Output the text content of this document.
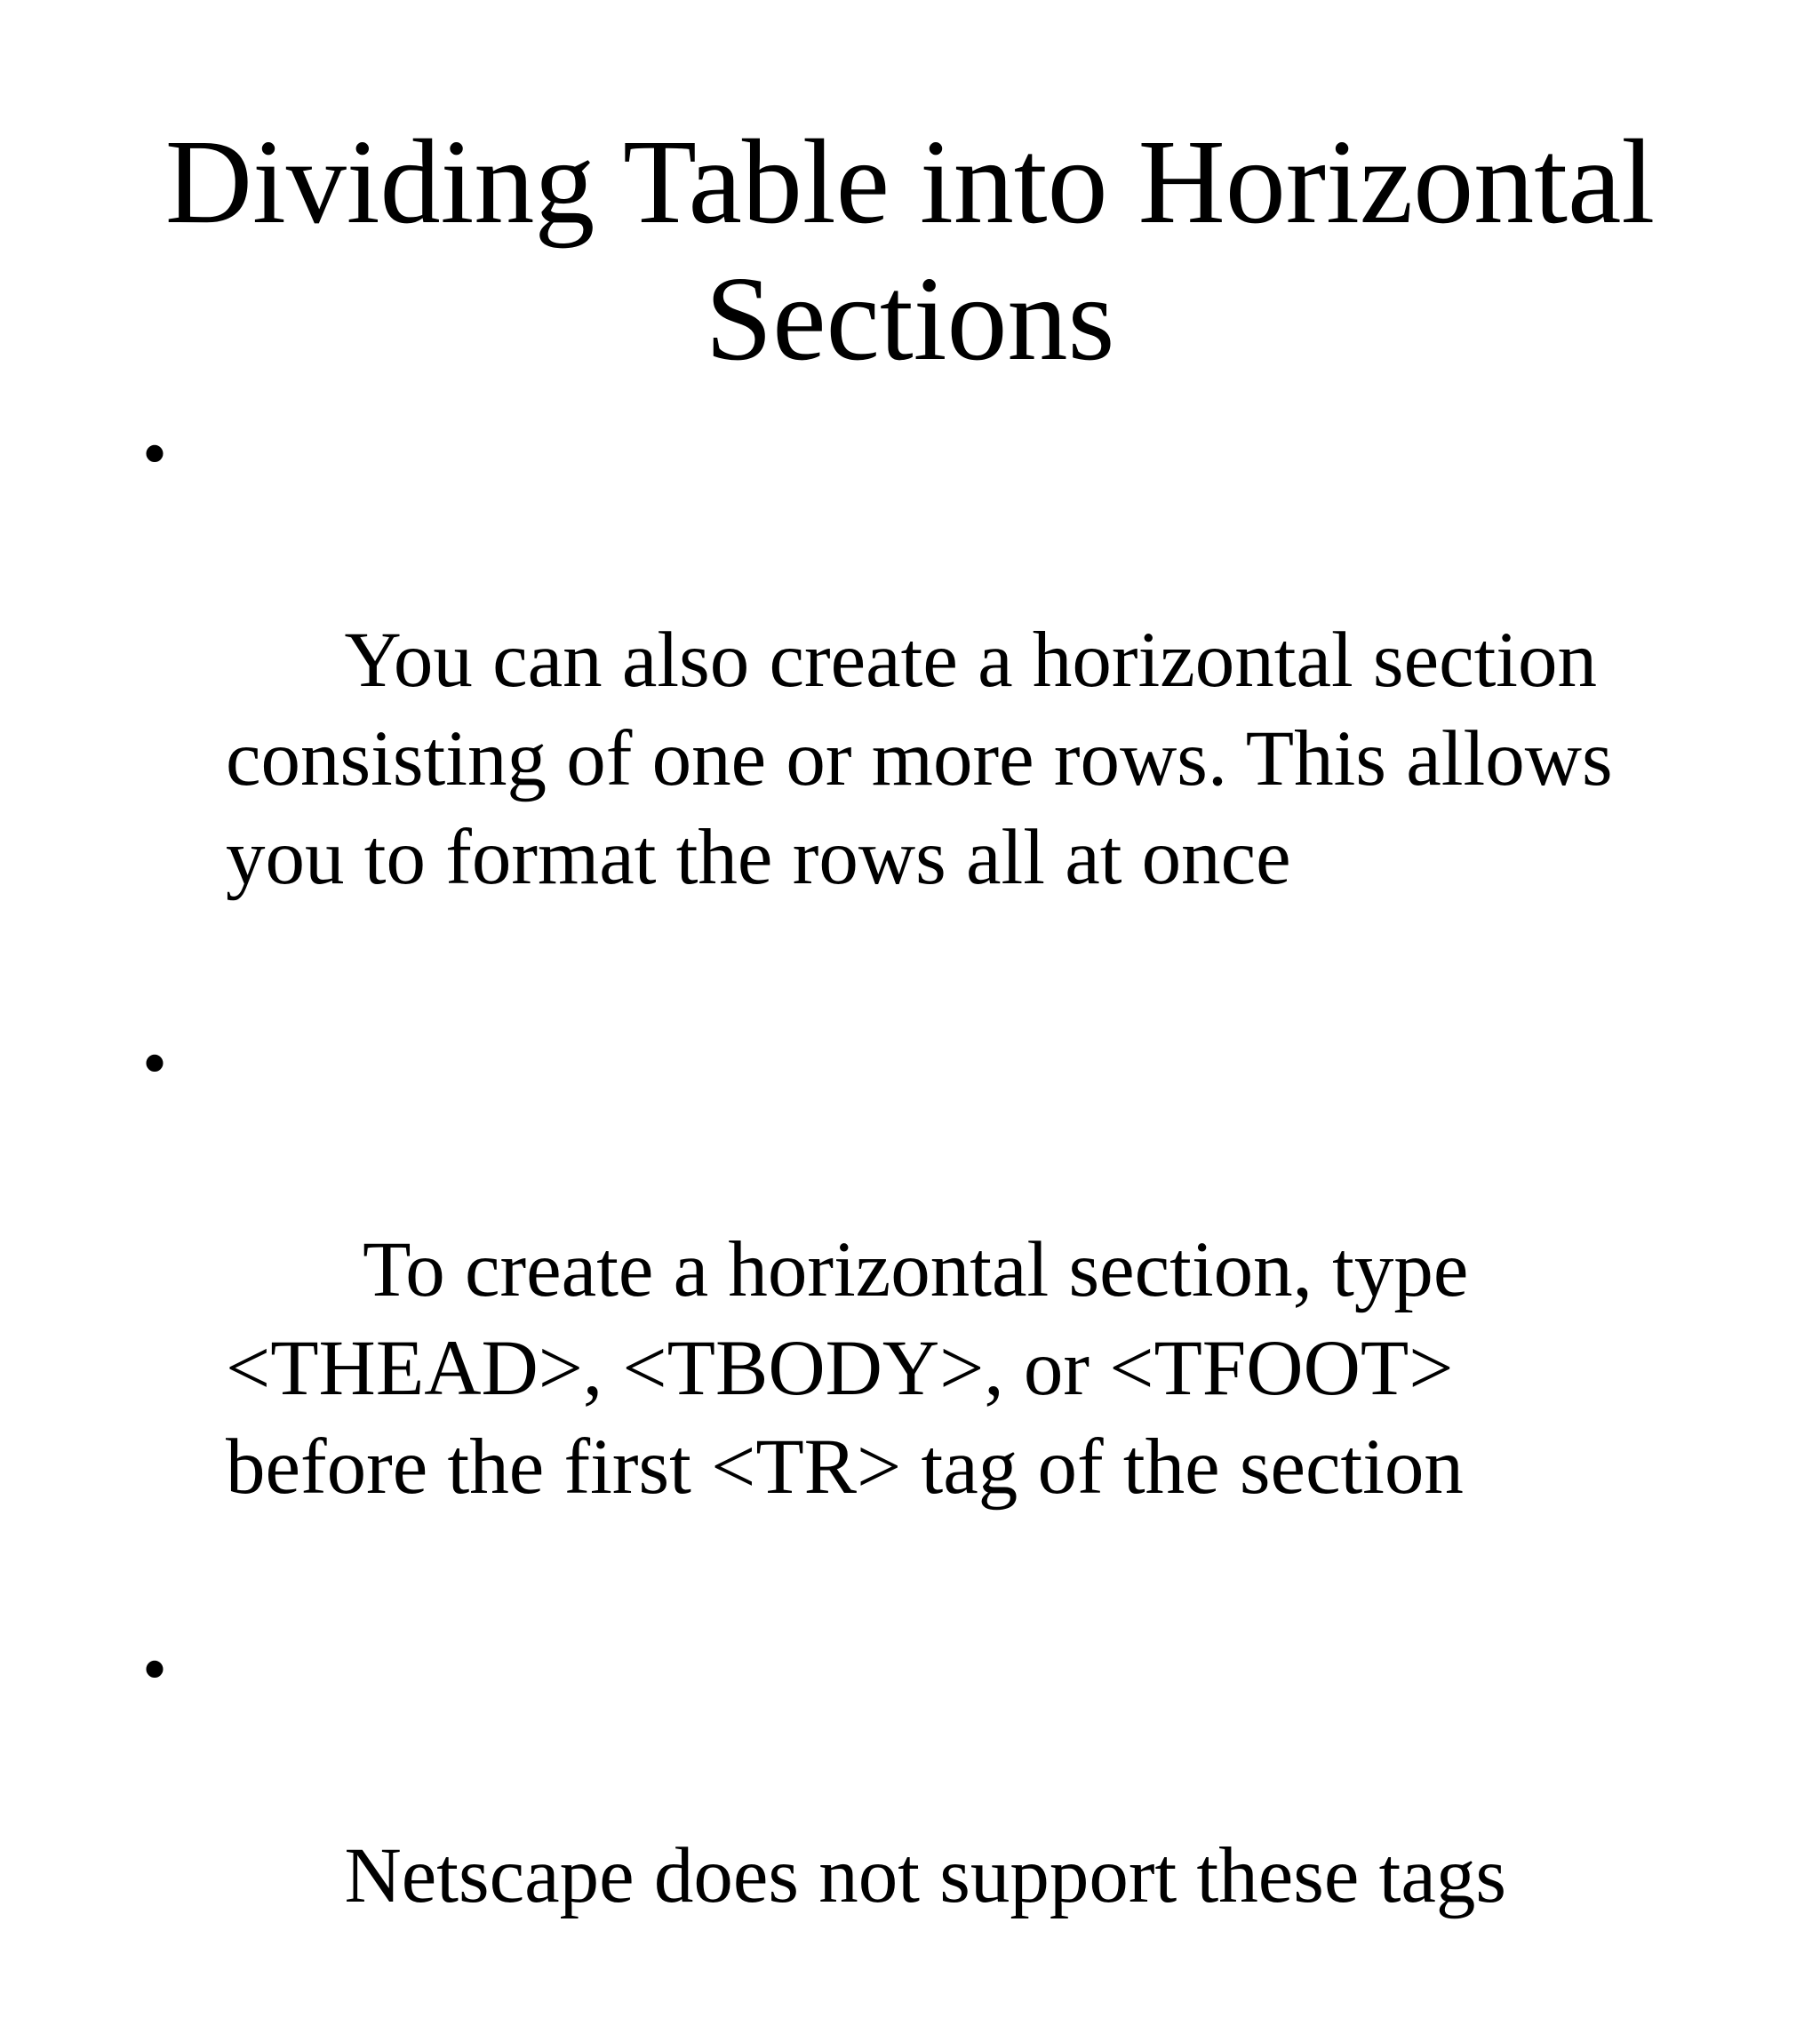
Dividing Table into Horizontal
Sections

•

You can also create a horizontal section
consisting of one or more rows. This allows
you to format the rows all at once

•

To create a horizontal section, type
<THEAD>, <TBODY>, or <TFOOT>
before the first <TR> tag of the section

•

Netscape does not support these tags
